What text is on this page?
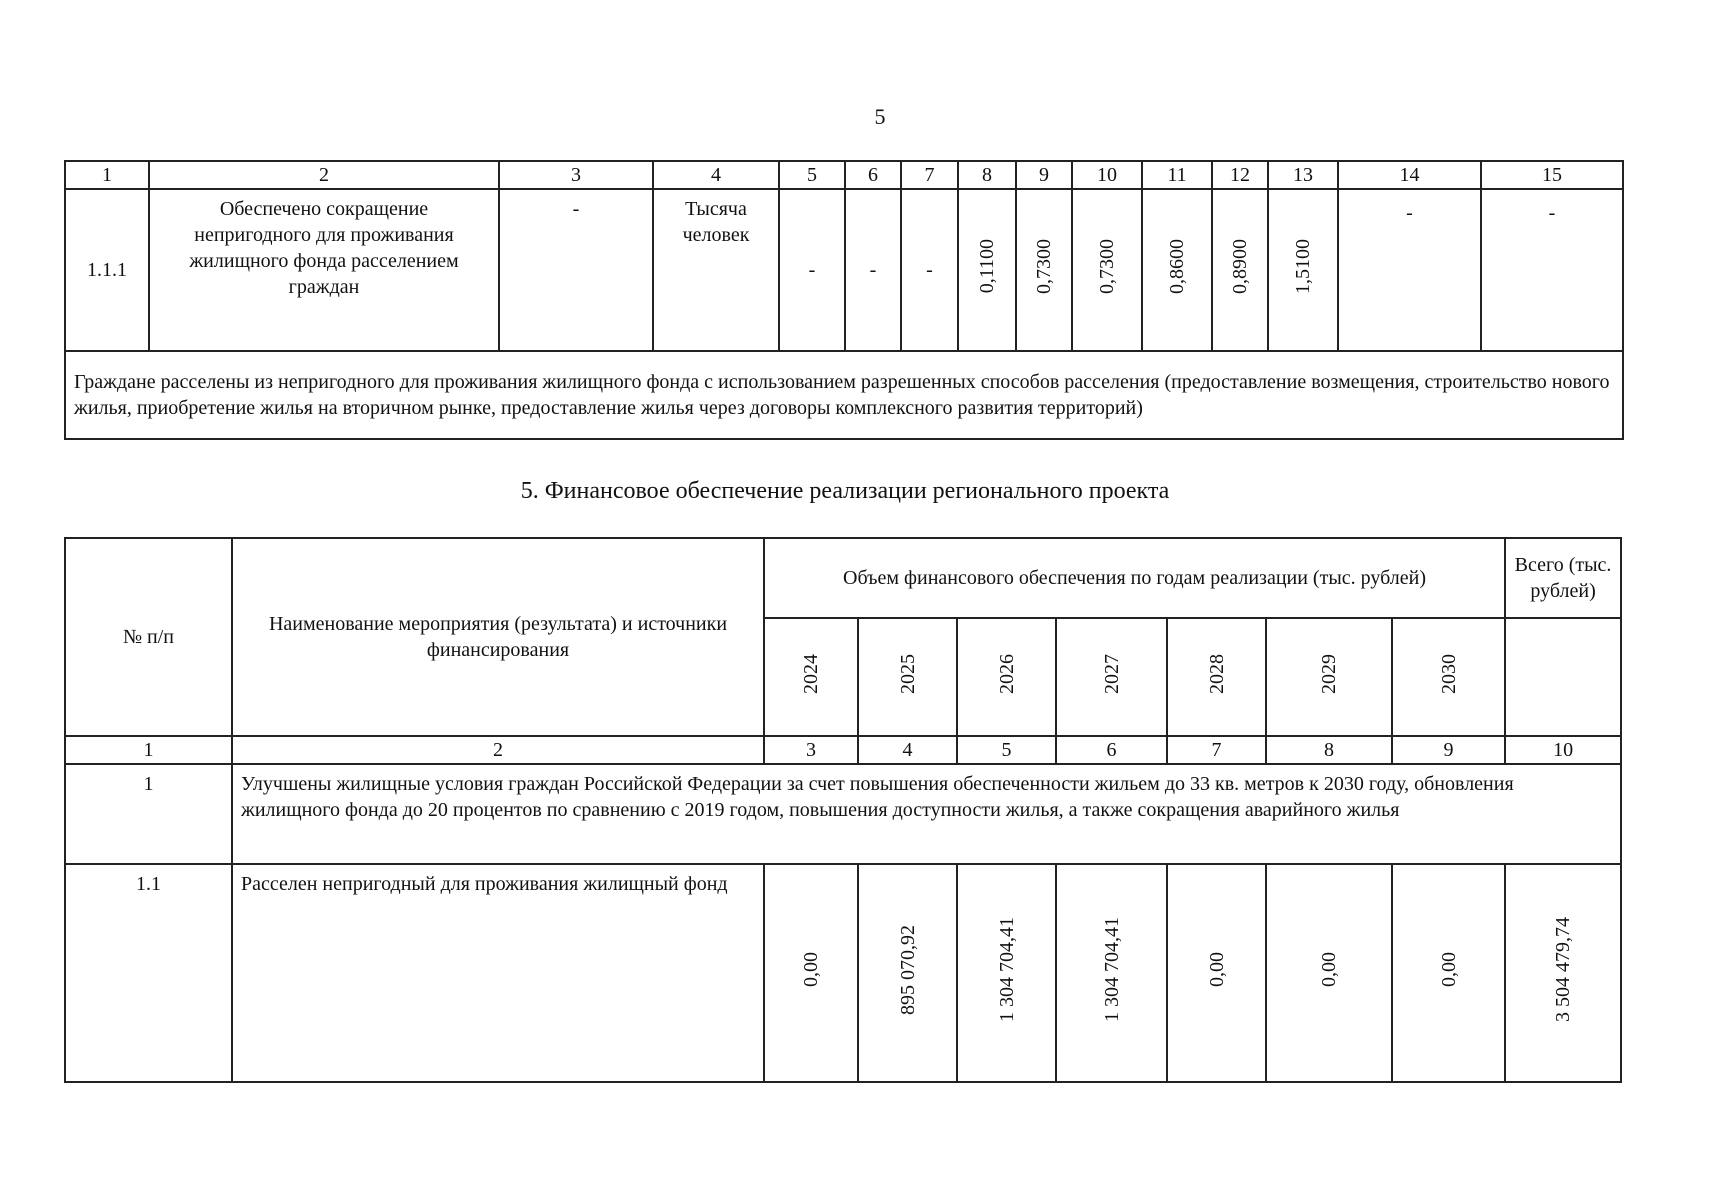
5
1	2	3	4	5	6	7	8	9	10	11	12	13	14	15
1.1.1	Обеспечено сокращение непригодного для проживания жилищного фонда расселением граждан	-	Тысяча человек	-	-	-	0,1100	0,7300	0,7300	0,8600	0,8900	1,5100	-	-
Граждане расселены из непригодного для проживания жилищного фонда с использованием разрешенных способов расселения (предоставление возмещения, строительство нового жилья, приобретение жилья на вторичном рынке, предоставление жилья через договоры комплексного развития территорий)														
5. Финансовое обеспечение реализации регионального проекта
№ п/п	Наименование мероприятия (результата) и источники финансирования	Объем финансового обеспечения по годам реализации (тыс. рублей)							Всего (тыс. рублей)
		2024	2025	2026	2027	2028	2029	2030	
1	2	3	4	5	6	7	8	9	10
1	Улучшены жилищные условия граждан Российской Федерации за счет повышения обеспеченности жильем до 33 кв. метров к 2030 году, обновления жилищного фонда до 20 процентов по сравнению с 2019 годом, повышения доступности жилья, а также сокращения аварийного жилья								
1.1	Расселен непригодный для проживания жилищный фонд	0,00	895 070,92	1 304 704,41	1 304 704,41	0,00	0,00	0,00	3 504 479,74
